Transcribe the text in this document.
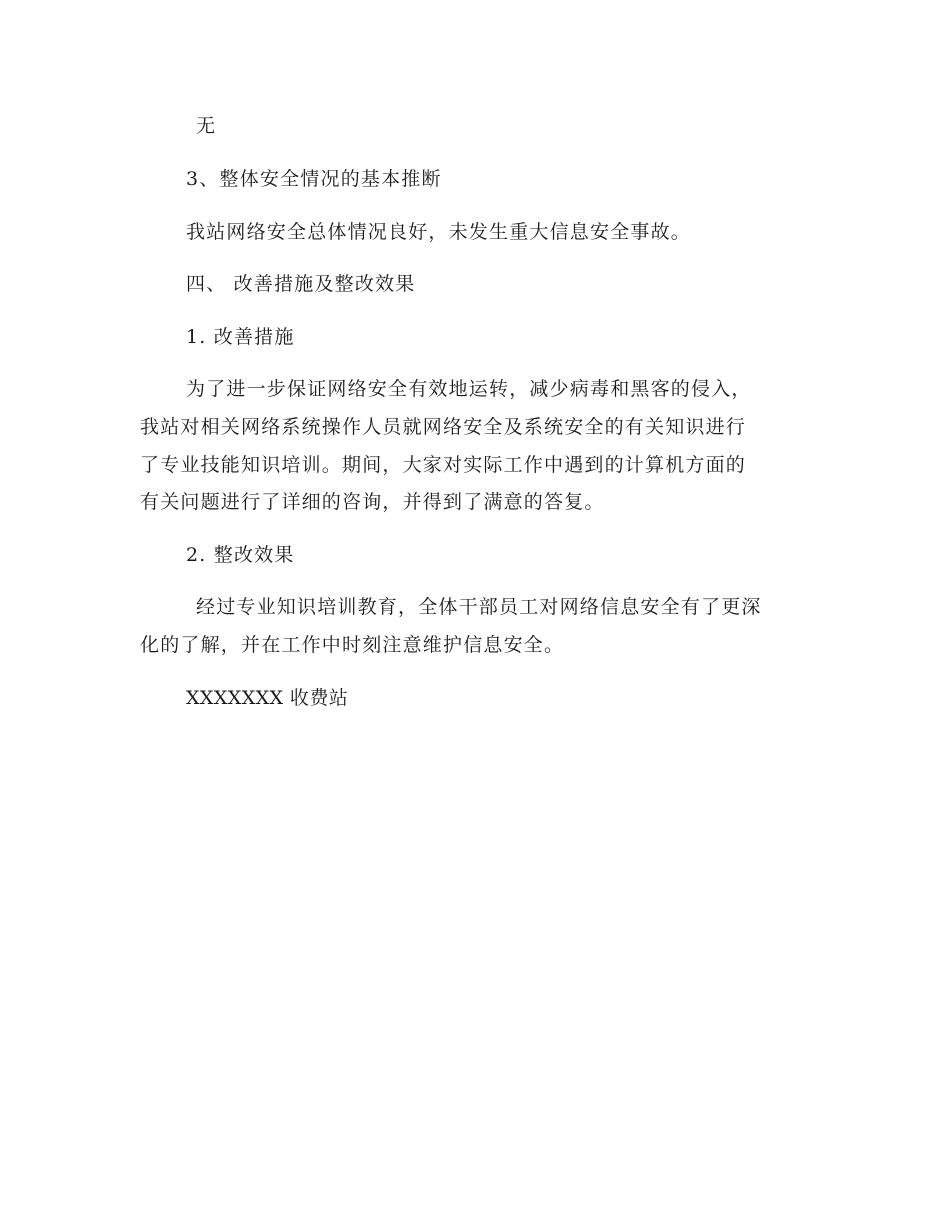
无
3、整体安全情况的基本推断
我站网络安全总体情况良好，未发生重大信息安全事故。
四、 改善措施及整改效果
1. 改善措施
为了进一步保证网络安全有效地运转，减少病毒和黑客的侵入，
我站对相关网络系统操作人员就网络安全及系统安全的有关知识进行
了专业技能知识培训。期间，大家对实际工作中遇到的计算机方面的
有关问题进行了详细的咨询，并得到了满意的答复。
2. 整改效果
经过专业知识培训教育，全体干部员工对网络信息安全有了更深
化的了解，并在工作中时刻注意维护信息安全。
XXXXXXX 收费站
